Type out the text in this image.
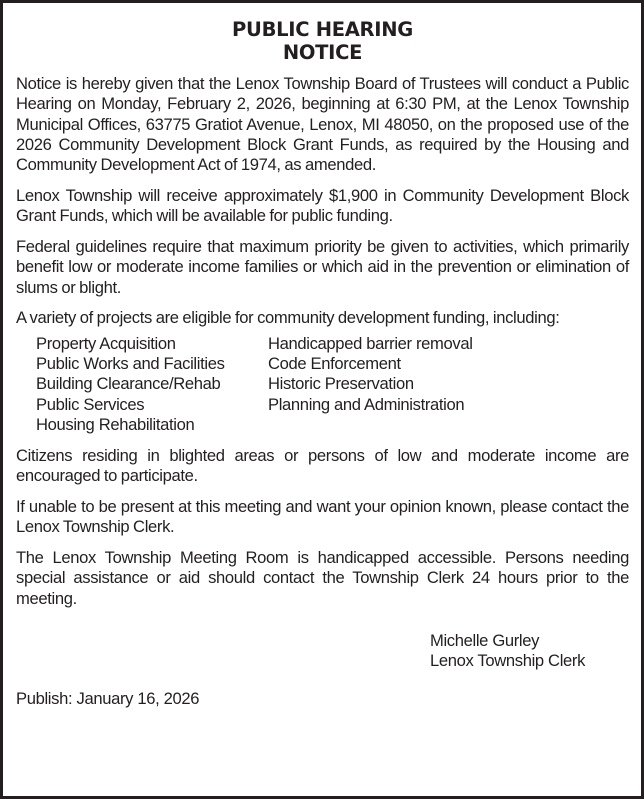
PUBLIC HEARING
NOTICE

Notice is hereby given that the Lenox Township Board of Trustees will conduct a Public Hearing on Monday, February 2, 2026, beginning at 6:30 PM, at the Lenox Township Municipal Offices, 63775 Gratiot Avenue, Lenox, MI 48050, on the proposed use of the 2026 Community Development Block Grant Funds, as required by the Housing and Community Development Act of 1974, as amended.

Lenox Township will receive approximately $1,900 in Community Development Block Grant Funds, which will be available for public funding.

Federal guidelines require that maximum priority be given to activities, which primarily benefit low or moderate income families or which aid in the prevention or elimination of slums or blight.

A variety of projects are eligible for community development funding, including:

Property Acquisition
Public Works and Facilities
Building Clearance/Rehab
Public Services
Housing Rehabilitation
Handicapped barrier removal
Code Enforcement
Historic Preservation
Planning and Administration

Citizens residing in blighted areas or persons of low and moderate income are encouraged to participate.

If unable to be present at this meeting and want your opinion known, please contact the Lenox Township Clerk.

The Lenox Township Meeting Room is handicapped accessible. Persons needing special assistance or aid should contact the Township Clerk 24 hours prior to the meeting.

Michelle Gurley
Lenox Township Clerk
Publish: January 16, 2026
